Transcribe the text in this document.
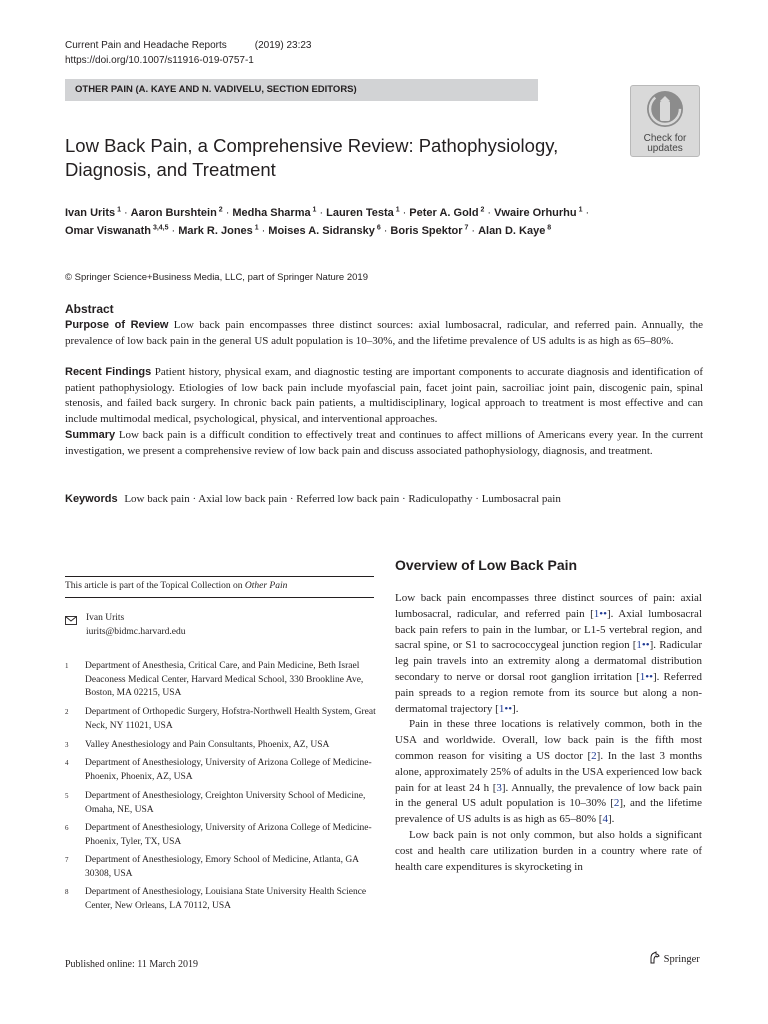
Current Pain and Headache Reports	(2019) 23:23
https://doi.org/10.1007/s11916-019-0757-1
OTHER PAIN (A. KAYE AND N. VADIVELU, SECTION EDITORS)
Check for
updates
Low Back Pain, a Comprehensive Review: Pathophysiology, Diagnosis, and Treatment
Ivan Urits $^1$ · Aaron Burshtein $^2$ · Medha Sharma $^1$ · Lauren Testa $^1$ · Peter A. Gold $^2$ · Vwaire Orhurhu $^1$ ·
Omar Viswanath $^{3,4,5}$ · Mark R. Jones $^1$ · Moises A. Sidransky $^6$ · Boris Spektor $^7$ · Alan D. Kaye $^8$
© Springer Science+Business Media, LLC, part of Springer Nature 2019
Abstract
Purpose of Review Low back pain encompasses three distinct sources: axial lumbosacral, radicular, and referred pain. Annually, the prevalence of low back pain in the general US adult population is 10–30%, and the lifetime prevalence of US adults is as high as 65–80%.
Recent Findings Patient history, physical exam, and diagnostic testing are important components to accurate diagnosis and identification of patient pathophysiology. Etiologies of low back pain include myofascial pain, facet joint pain, sacroiliac joint pain, discogenic pain, spinal stenosis, and failed back surgery. In chronic back pain patients, a multidisciplinary, logical approach to treatment is most effective and can include multimodal medical, psychological, physical, and interventional approaches.
Summary Low back pain is a difficult condition to effectively treat and continues to affect millions of Americans every year. In the current investigation, we present a comprehensive review of low back pain and discuss associated pathophysiology, diagnosis, and treatment.
Keywords Low back pain · Axial low back pain · Referred low back pain · Radiculopathy · Lumbosacral pain
This article is part of the Topical Collection on Other Pain
Ivan Urits
iurits@bidmc.harvard.edu
1 Department of Anesthesia, Critical Care, and Pain Medicine, Beth Israel Deaconess Medical Center, Harvard Medical School, 330 Brookline Ave, Boston, MA 02215, USA
2 Department of Orthopedic Surgery, Hofstra-Northwell Health System, Great Neck, NY 11021, USA
3 Valley Anesthesiology and Pain Consultants, Phoenix, AZ, USA
4 Department of Anesthesiology, University of Arizona College of Medicine-Phoenix, Phoenix, AZ, USA
5 Department of Anesthesiology, Creighton University School of Medicine, Omaha, NE, USA
6 Department of Anesthesiology, University of Arizona College of Medicine-Phoenix, Tyler, TX, USA
7 Department of Anesthesiology, Emory School of Medicine, Atlanta, GA 30308, USA
8 Department of Anesthesiology, Louisiana State University Health Science Center, New Orleans, LA 70112, USA
Overview of Low Back Pain

Low back pain encompasses three distinct sources of pain: axial lumbosacral, radicular, and referred pain [1••]. Axial lumbosacral back pain refers to pain in the lumbar, or L1-5 vertebral region, and sacral spine, or S1 to sacrococcygeal junction region [1••]. Radicular leg pain travels into an extremity along a dermatomal distribution secondary to nerve or dorsal root ganglion irritation [1••]. Referred pain spreads to a region remote from its source but along a non-dermatomal trajectory [1••].

Pain in these three locations is relatively common, both in the USA and worldwide. Overall, low back pain is the fifth most common reason for visiting a US doctor [2]. In the last 3 months alone, approximately 25% of adults in the USA experienced low back pain for at least 24 h [3]. Annually, the prevalence of low back pain in the general US adult population is 10–30% [2], and the lifetime prevalence of US adults is as high as 65–80% [4].

Low back pain is not only common, but also holds a significant cost and health care utilization burden in a country where rate of health care expenditures is skyrocketing in

Published online: 11 March 2019	Springer
